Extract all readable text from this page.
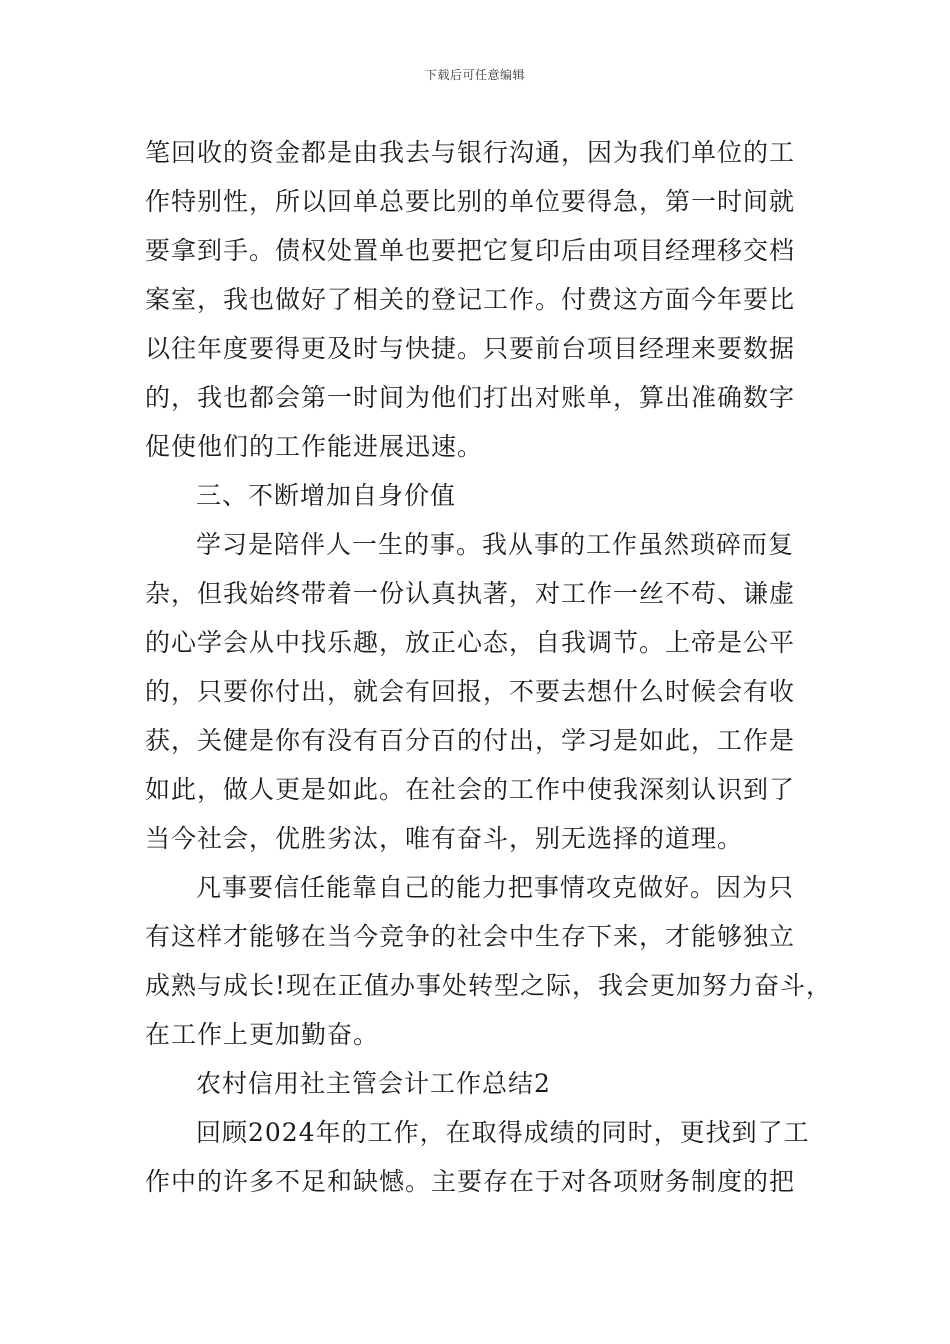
下载后可任意编辑
笔回收的资金都是由我去与银行沟通，因为我们单位的工
作特别性，所以回单总要比别的单位要得急，第一时间就
要拿到手。债权处置单也要把它复印后由项目经理移交档
案室，我也做好了相关的登记工作。付费这方面今年要比
以往年度要得更及时与快捷。只要前台项目经理来要数据
的，我也都会第一时间为他们打出对账单，算出准确数字
促使他们的工作能进展迅速。
三、不断增加自身价值
学习是陪伴人一生的事。我从事的工作虽然琐碎而复
杂，但我始终带着一份认真执著，对工作一丝不苟、谦虚
的心学会从中找乐趣，放正心态，自我调节。上帝是公平
的，只要你付出，就会有回报，不要去想什么时候会有收
获，关健是你有没有百分百的付出，学习是如此，工作是
如此，做人更是如此。在社会的工作中使我深刻认识到了
当今社会，优胜劣汰，唯有奋斗，别无选择的道理。
凡事要信任能靠自己的能力把事情攻克做好。因为只
有这样才能够在当今竞争的社会中生存下来，才能够独立
成熟与成长!现在正值办事处转型之际，我会更加努力奋斗，
在工作上更加勤奋。
农村信用社主管会计工作总结2
回顾2024年的工作，在取得成绩的同时，更找到了工
作中的许多不足和缺憾。主要存在于对各项财务制度的把
